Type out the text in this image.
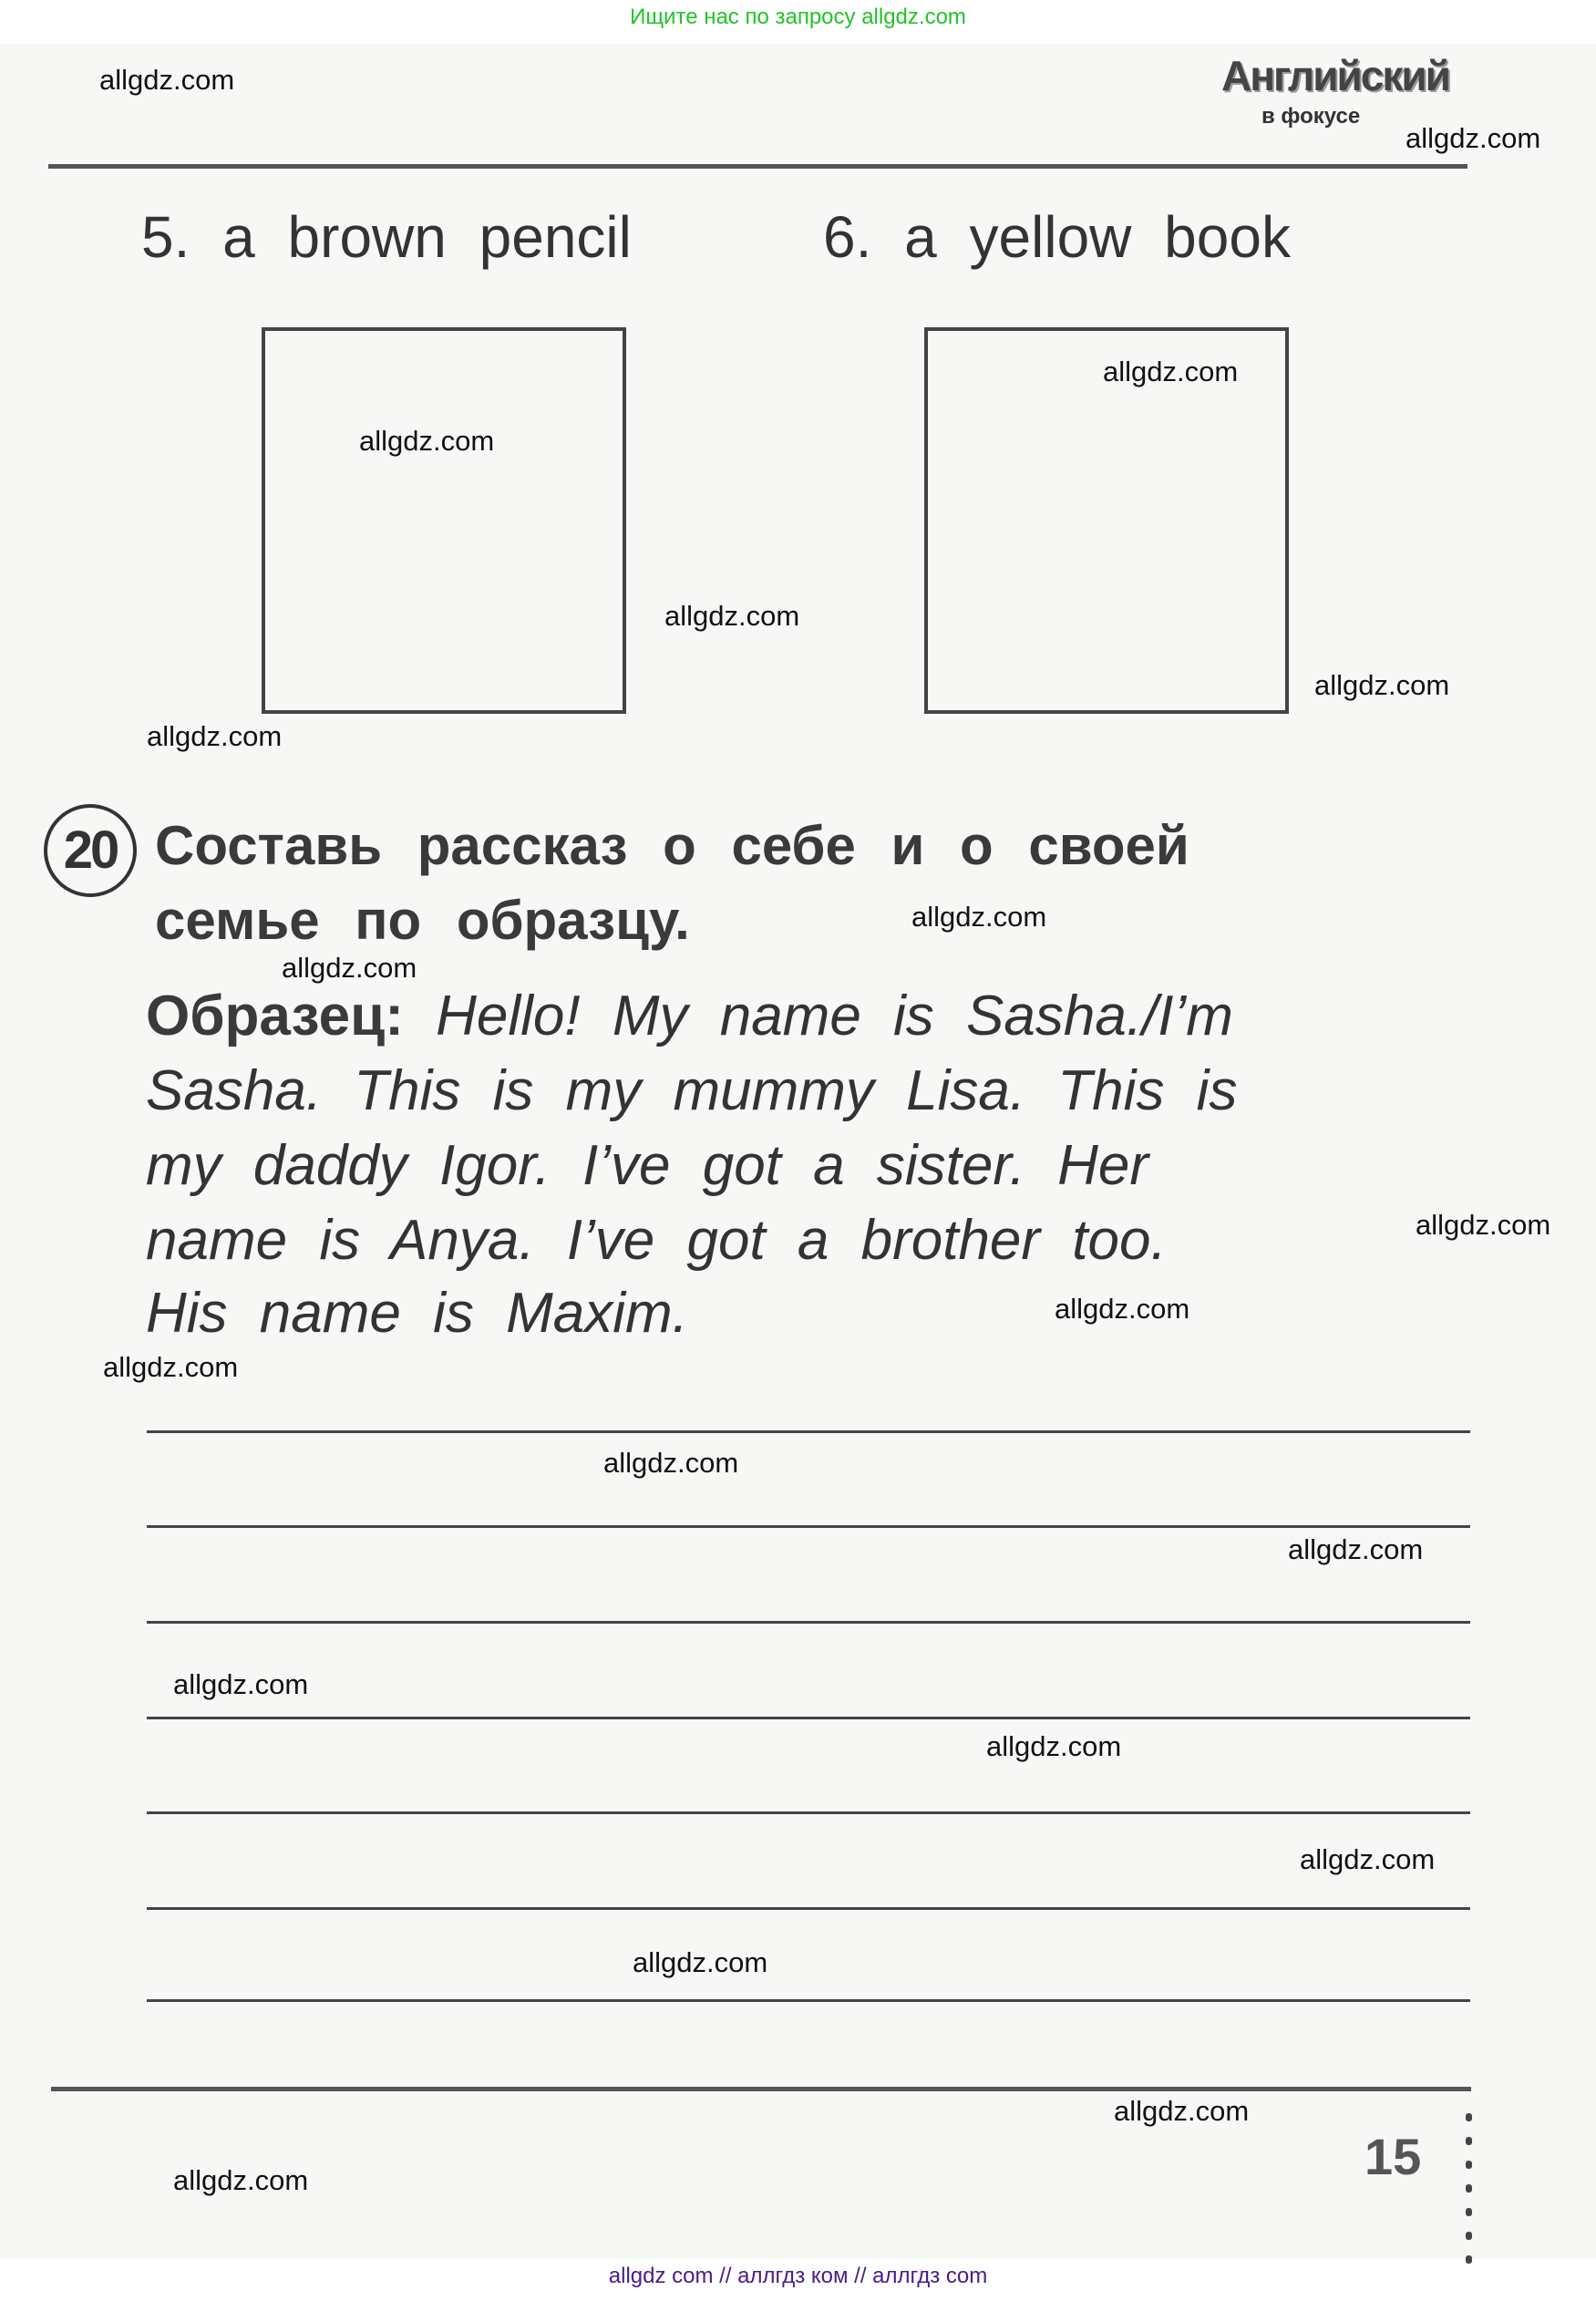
Ищите нас по запросу allgdz.com
Английский
в фокусе
5. a brown pencil	6. a yellow book
20 Составь рассказ о себе и о своей
семье по образцу.
Образец: Hello! My name is Sasha./I’m
Sasha. This is my mummy Lisa. This is
my daddy Igor. I’ve got a sister. Her
name is Anya. I’ve got a brother too.
His name is Maxim.
15
allgdz.com
allgdz.com
allgdz.com
allgdz.com
allgdz.com
allgdz.com
allgdz.com
allgdz.com
allgdz.com
allgdz.com
allgdz.com
allgdz.com
allgdz.com
allgdz.com
allgdz.com
allgdz.com
allgdz.com
allgdz.com
allgdz.com
allgdz.com
allgdz com // аллгдз ком // аллгдз com
